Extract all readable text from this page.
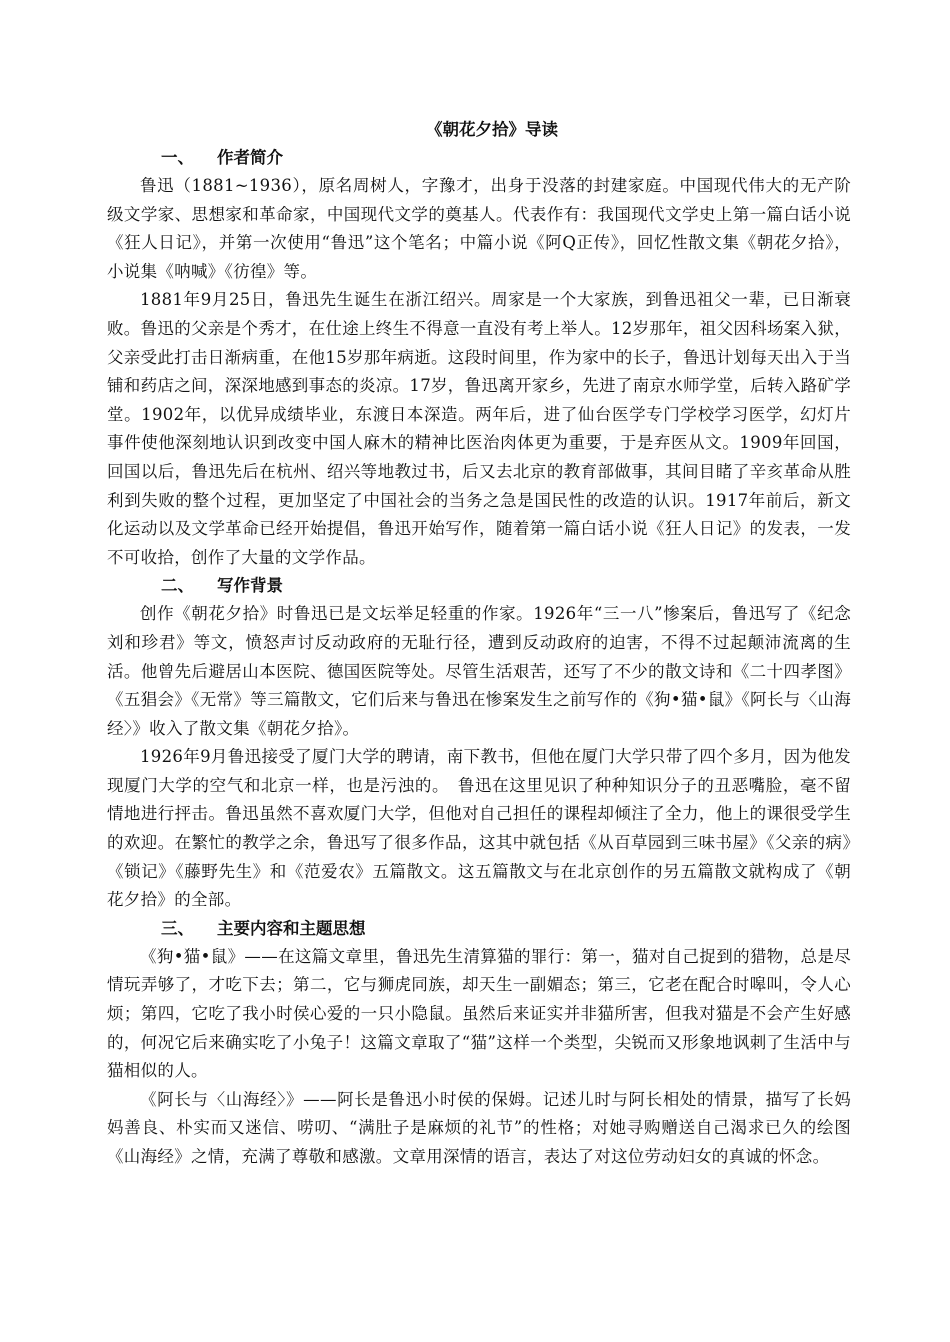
《朝花夕拾》导读
一、 作者简介

鲁迅（1881~1936），原名周树人，字豫才，出身于没落的封建家庭。中国现代伟大的无产阶级文学家、思想家和革命家，中国现代文学的奠基人。代表作有：我国现代文学史上第一篇白话小说《狂人日记》，并第一次使用“鲁迅”这个笔名；中篇小说《阿Q正传》，回忆性散文集《朝花夕拾》，小说集《呐喊》《彷徨》等。

1881年9月25日，鲁迅先生诞生在浙江绍兴。周家是一个大家族，到鲁迅祖父一辈，已日渐衰败。鲁迅的父亲是个秀才，在仕途上终生不得意一直没有考上举人。12岁那年，祖父因科场案入狱，父亲受此打击日渐病重，在他15岁那年病逝。这段时间里，作为家中的长子，鲁迅计划每天出入于当铺和药店之间，深深地感到事态的炎凉。17岁，鲁迅离开家乡，先进了南京水师学堂，后转入路矿学堂。1902年，以优异成绩毕业，东渡日本深造。两年后，进了仙台医学专门学校学习医学，幻灯片事件使他深刻地认识到改变中国人麻木的精神比医治肉体更为重要，于是弃医从文。1909年回国，回国以后，鲁迅先后在杭州、绍兴等地教过书，后又去北京的教育部做事，其间目睹了辛亥革命从胜利到失败的整个过程，更加坚定了中国社会的当务之急是国民性的改造的认识。1917年前后，新文化运动以及文学革命已经开始提倡，鲁迅开始写作，随着第一篇白话小说《狂人日记》的发表，一发不可收拾，创作了大量的文学作品。

二、 写作背景

创作《朝花夕拾》时鲁迅已是文坛举足轻重的作家。1926年“三一八”惨案后，鲁迅写了《纪念刘和珍君》等文，愤怒声讨反动政府的无耻行径，遭到反动政府的迫害，不得不过起颠沛流离的生活。他曾先后避居山本医院、德国医院等处。尽管生活艰苦，还写了不少的散文诗和《二十四孝图》《五猖会》《无常》等三篇散文，它们后来与鲁迅在惨案发生之前写作的《狗•猫•鼠》《阿长与〈山海经〉》收入了散文集《朝花夕拾》。

1926年9月鲁迅接受了厦门大学的聘请，南下教书，但他在厦门大学只带了四个多月，因为他发现厦门大学的空气和北京一样，也是污浊的。　鲁迅在这里见识了种种知识分子的丑恶嘴脸，毫不留情地进行抨击。鲁迅虽然不喜欢厦门大学，但他对自己担任的课程却倾注了全力，他上的课很受学生的欢迎。在繁忙的教学之余，鲁迅写了很多作品，这其中就包括《从百草园到三味书屋》《父亲的病》《锁记》《藤野先生》和《范爱农》五篇散文。这五篇散文与在北京创作的另五篇散文就构成了《朝花夕拾》的全部。

三、 主要内容和主题思想

《狗•猫•鼠》——在这篇文章里，鲁迅先生清算猫的罪行：第一，猫对自己捉到的猎物，总是尽情玩弄够了，才吃下去；第二，它与狮虎同族，却天生一副媚态；第三，它老在配合时嗥叫，令人心烦；第四，它吃了我小时侯心爱的一只小隐鼠。虽然后来证实并非猫所害，但我对猫是不会产生好感的，何况它后来确实吃了小兔子！这篇文章取了“猫”这样一个类型，尖锐而又形象地讽刺了生活中与猫相似的人。

《阿长与〈山海经〉》——阿长是鲁迅小时侯的保姆。记述儿时与阿长相处的情景，描写了长妈妈善良、朴实而又迷信、唠叨、“满肚子是麻烦的礼节”的性格；对她寻购赠送自己渴求已久的绘图《山海经》之情，充满了尊敬和感激。文章用深情的语言，表达了对这位劳动妇女的真诚的怀念。
